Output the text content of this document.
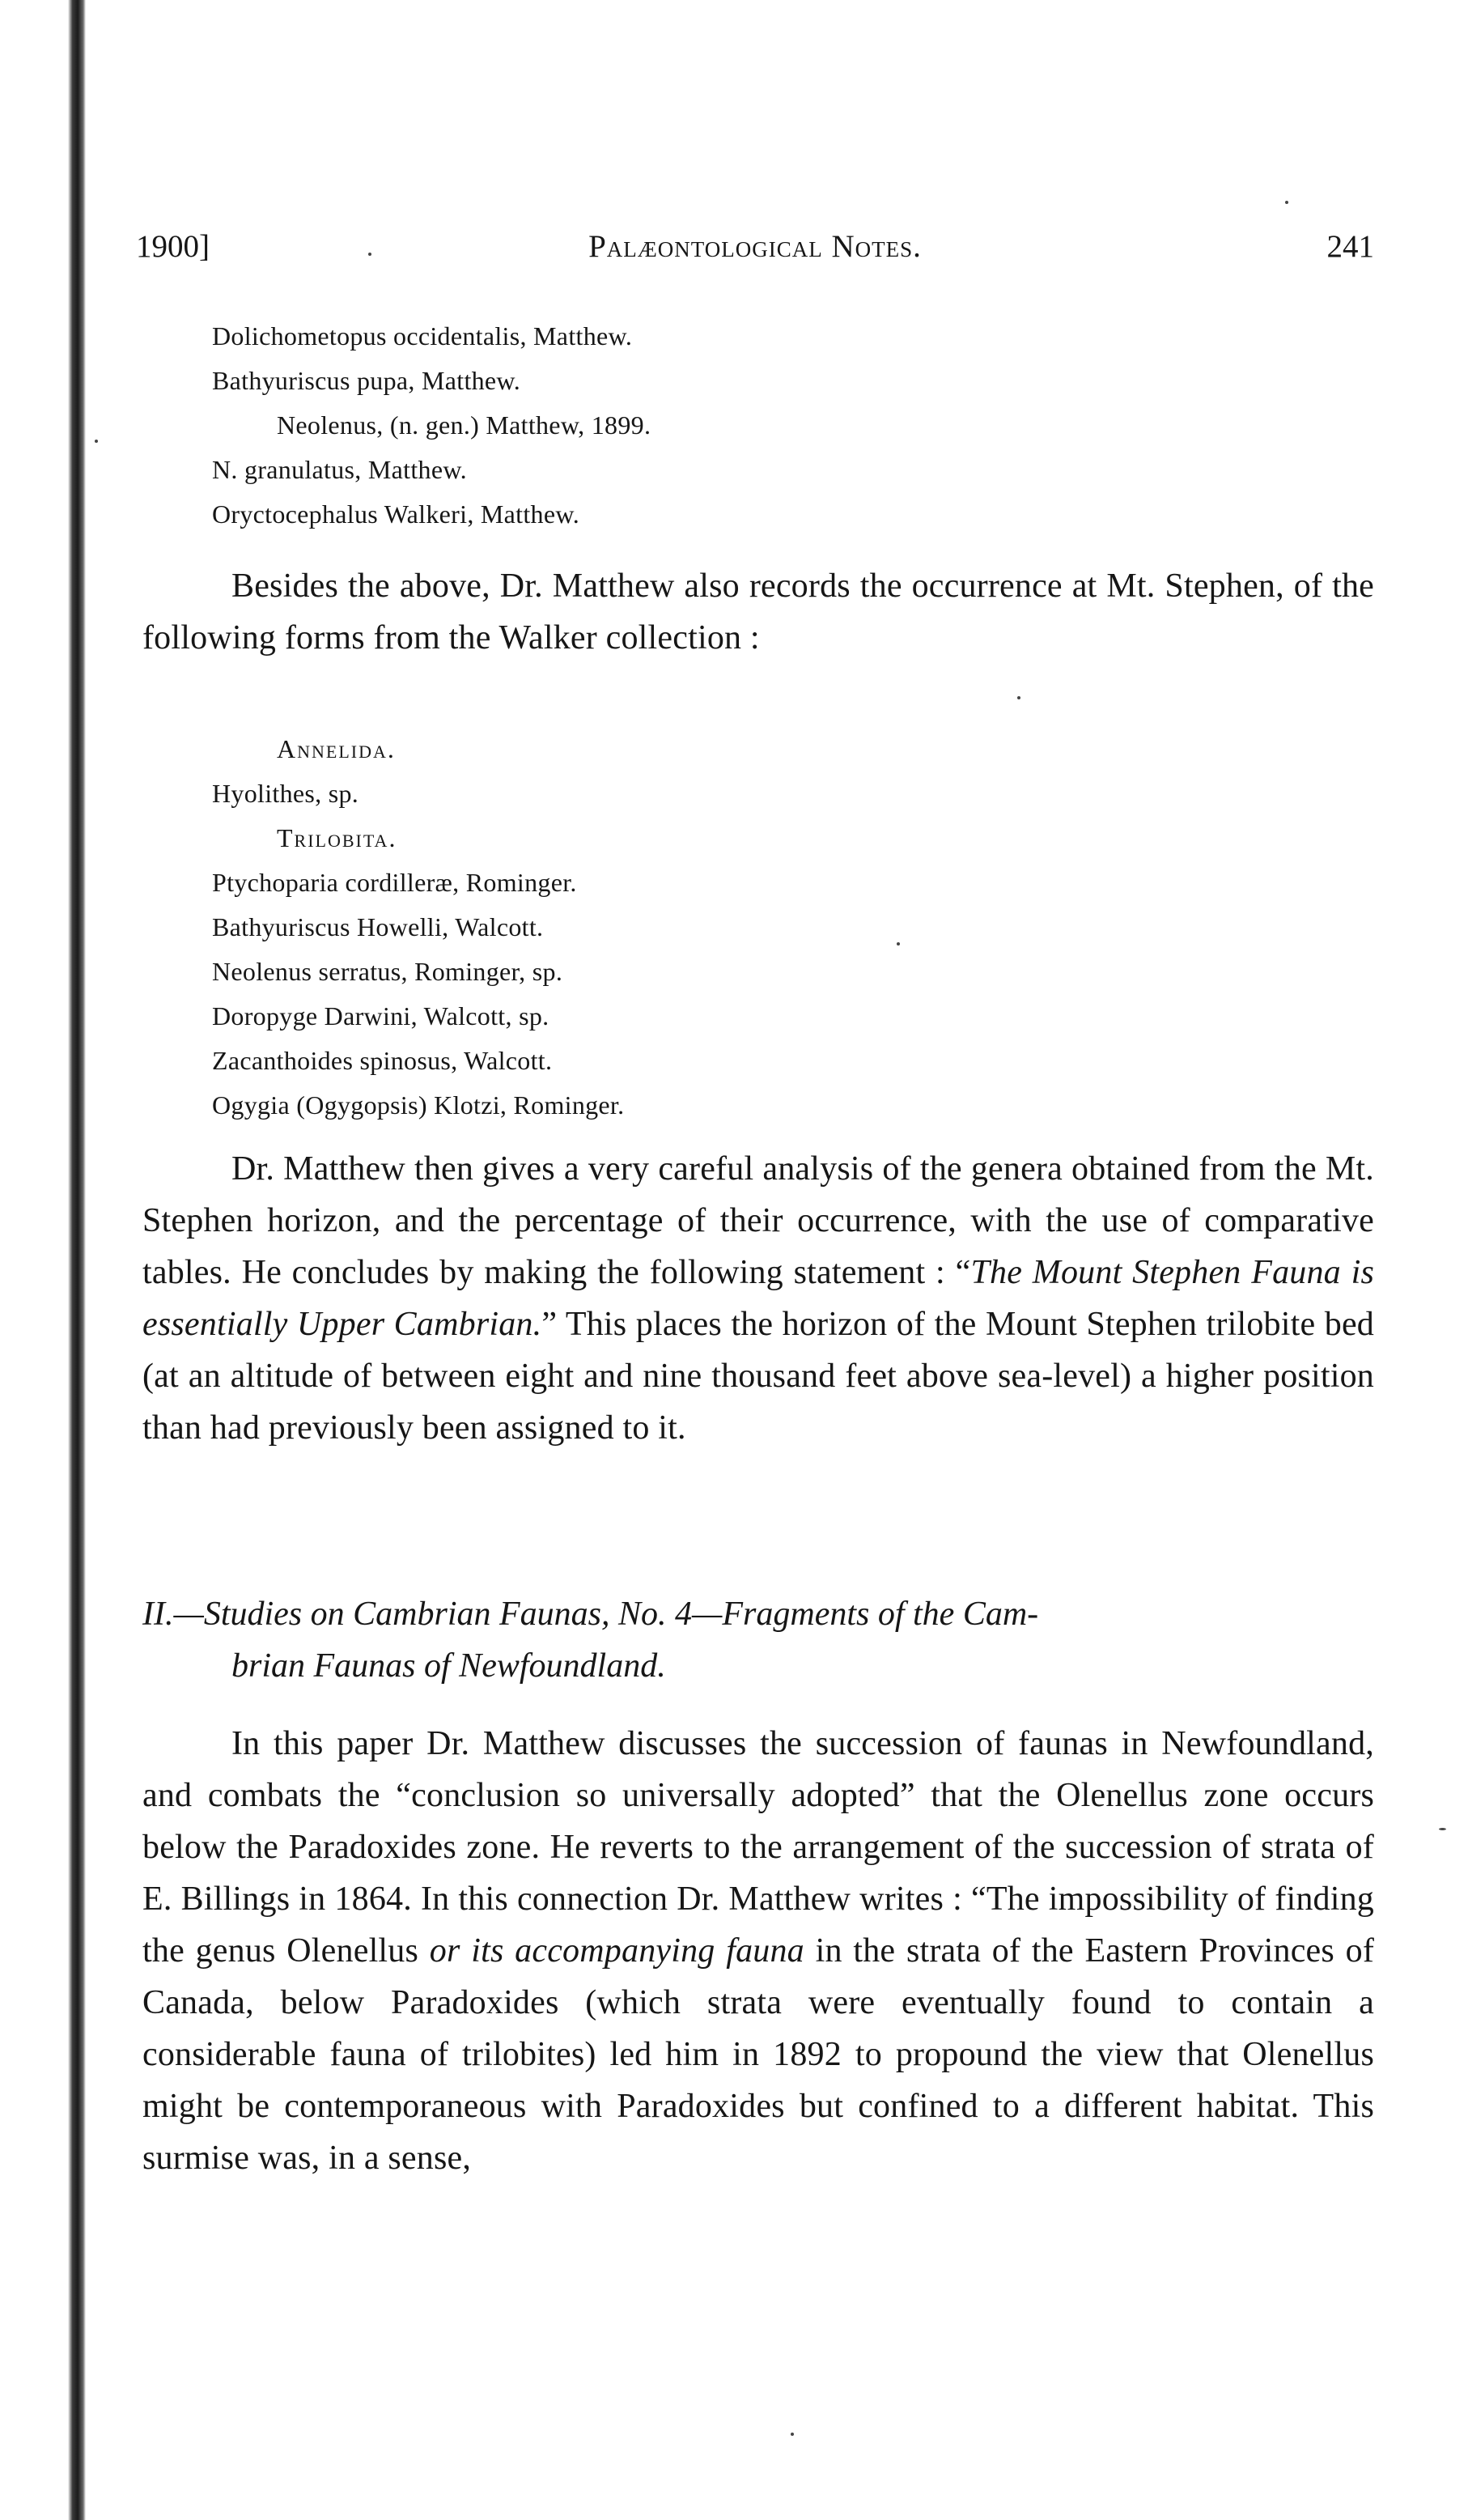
1900]	Palæontological Notes.	241
Dolichometopus occidentalis, Matthew.
Bathyuriscus pupa, Matthew.
Neolenus, (n. gen.) Matthew, 1899.
N. granulatus, Matthew.
Oryctocephalus Walkeri, Matthew.

Besides the above, Dr. Matthew also records the occurrence at Mt. Stephen, of the following forms from the Walker collection :

Annelida.
Hyolithes, sp.
Trilobita.
Ptychoparia cordilleræ, Rominger.
Bathyuriscus Howelli, Walcott.
Neolenus serratus, Rominger, sp.
Doropyge Darwini, Walcott, sp.
Zacanthoides spinosus, Walcott.
Ogygia (Ogygopsis) Klotzi, Rominger.

Dr. Matthew then gives a very careful analysis of the genera obtained from the Mt. Stephen horizon, and the percentage of their occurrence, with the use of comparative tables. He concludes by making the following statement : “The Mount Stephen Fauna is essentially Upper Cambrian.” This places the horizon of the Mount Stephen trilobite bed (at an altitude of between eight and nine thousand feet above sea-level) a higher position than had previously been assigned to it.

II.—Studies on Cambrian Faunas, No. 4—Fragments of the Cam-
brian Faunas of Newfoundland.

In this paper Dr. Matthew discusses the succession of faunas in Newfoundland, and combats the “conclusion so universally adopted” that the Olenellus zone occurs below the Paradoxides zone. He reverts to the arrangement of the succession of strata of E. Billings in 1864. In this connection Dr. Matthew writes : “The impossibility of finding the genus Olenellus or its accompanying fauna in the strata of the Eastern Provinces of Canada, below Paradoxides (which strata were eventually found to contain a considerable fauna of trilobites) led him in 1892 to propound the view that Olenellus might be contemporaneous with Paradoxides but confined to a different habitat. This surmise was, in a sense,
